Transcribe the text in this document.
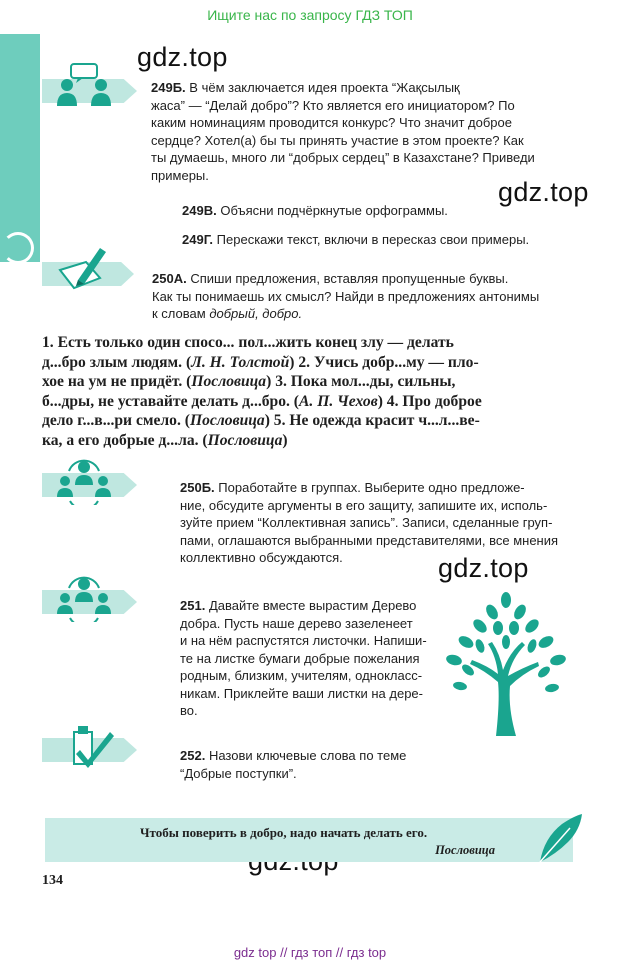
Ищите нас по запросу ГДЗ ТОП
gdz.top
gdz.top
gdz.top
249Б. В чём заключается идея проекта “Жақсылық
жаса” — “Делай добро”? Кто является его инициатором? По
каким номинациям проводится конкурс? Что значит доброе
сердце? Хотел(а) бы ты принять участие в этом проекте? Как
ты думаешь, много ли “добрых сердец” в Казахстане? Приведи
примеры.
249В. Объясни подчёркнутые орфограммы.
249Г. Перескажи текст, включи в пересказ свои примеры.
250А. Спиши предложения, вставляя пропущенные буквы.
Как ты понимаешь их смысл? Найди в предложениях антонимы
к словам добрый, добро.
1. Есть только один спосо... пол...жить конец злу — делать
д...бро злым людям. (Л. Н. Толстой) 2. Учись добр...му — пло-
хое на ум не придёт. (Пословица) 3. Пока мол...ды, сильны,
б...дры, не уставайте делать д...бро. (А. П. Чехов) 4. Про доброе
дело г...в...ри смело. (Пословица) 5. Не одежда красит ч...л...ве-
ка, а его добрые д...ла. (Пословица)
250Б. Поработайте в группах. Выберите одно предложе-
ние, обсудите аргументы в его защиту, запишите их, исполь-
зуйте прием “Коллективная запись”. Записи, сделанные груп-
пами, оглашаются выбранными представителями, все мнения
коллективно обсуждаются.
251. Давайте вместе вырастим Дерево
добра. Пусть наше дерево зазеленеет
и на нём распустятся листочки. Напиши-
те на листке бумаги добрые пожелания
родным, близким, учителям, однокласс-
никам. Приклейте ваши листки на дере-
во.
252. Назови ключевые слова по теме
“Добрые поступки”.
Чтобы поверить в добро, надо начать делать его.
Пословица
134
gdz top // гдз топ // гдз top
